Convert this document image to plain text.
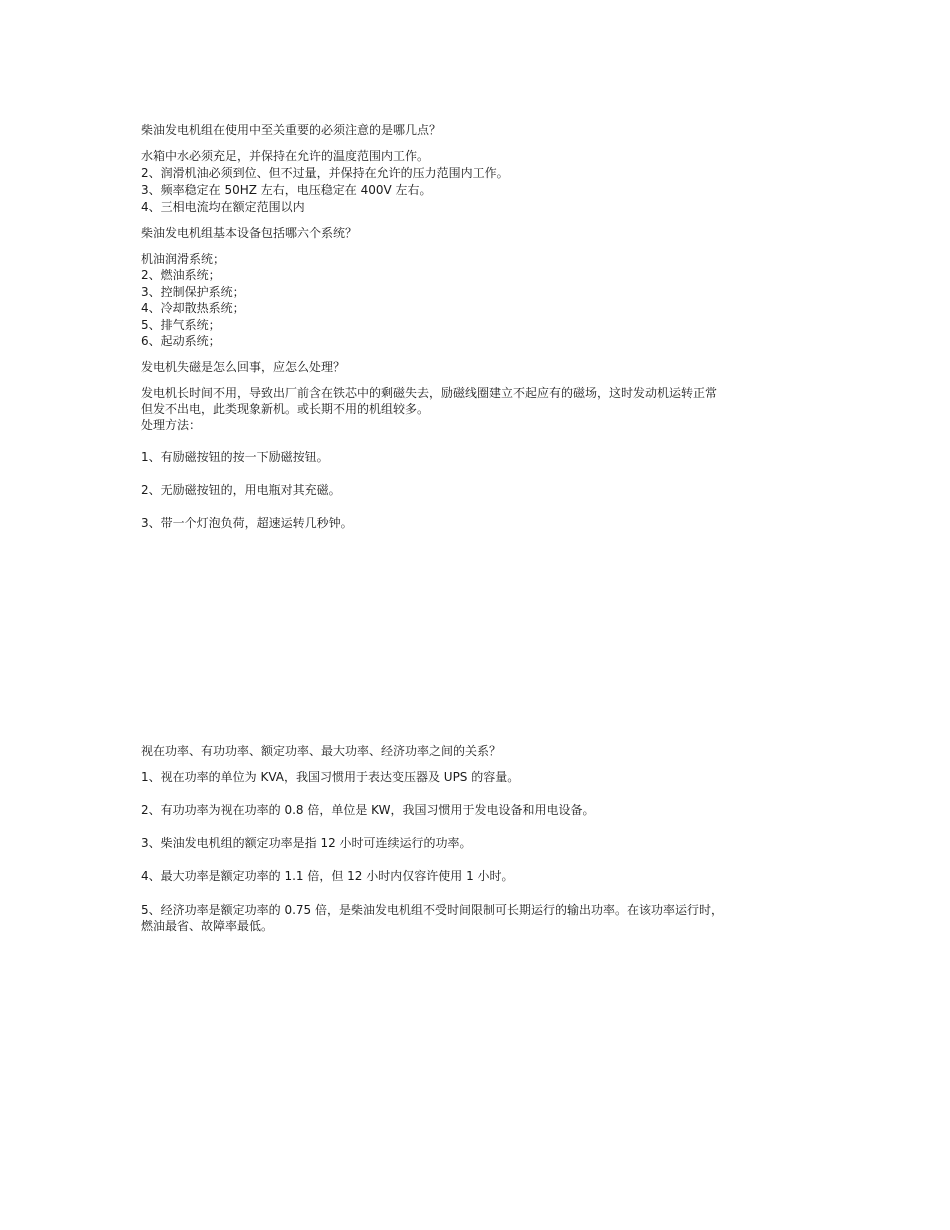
柴油发电机组在使用中至关重要的必须注意的是哪几点？

水箱中水必须充足，并保持在允许的温度范围内工作。

2、润滑机油必须到位、但不过量，并保持在允许的压力范围内工作。

3、频率稳定在 50HZ 左右，电压稳定在 400V 左右。

4、三相电流均在额定范围以内

柴油发电机组基本设备包括哪六个系统？

机油润滑系统；

2、燃油系统；

3、控制保护系统；

4、冷却散热系统；

5、排气系统；

6、起动系统；

发电机失磁是怎么回事，应怎么处理？

发电机长时间不用，导致出厂前含在铁芯中的剩磁失去，励磁线圈建立不起应有的磁场，这时发动机运转正常

但发不出电，此类现象新机。或长期不用的机组较多。

处理方法：

1、有励磁按钮的按一下励磁按钮。

2、无励磁按钮的，用电瓶对其充磁。

3、带一个灯泡负荷，超速运转几秒钟。

视在功率、有功功率、额定功率、最大功率、经济功率之间的关系？

1、视在功率的单位为 KVA，我国习惯用于表达变压器及 UPS 的容量。

2、有功功率为视在功率的 0.8 倍，单位是 KW，我国习惯用于发电设备和用电设备。

3、柴油发电机组的额定功率是指 12 小时可连续运行的功率。

4、最大功率是额定功率的 1.1 倍，但 12 小时内仅容许使用 1 小时。

5、经济功率是额定功率的 0.75 倍，是柴油发电机组不受时间限制可长期运行的输出功率。在该功率运行时，

燃油最省、故障率最低。
